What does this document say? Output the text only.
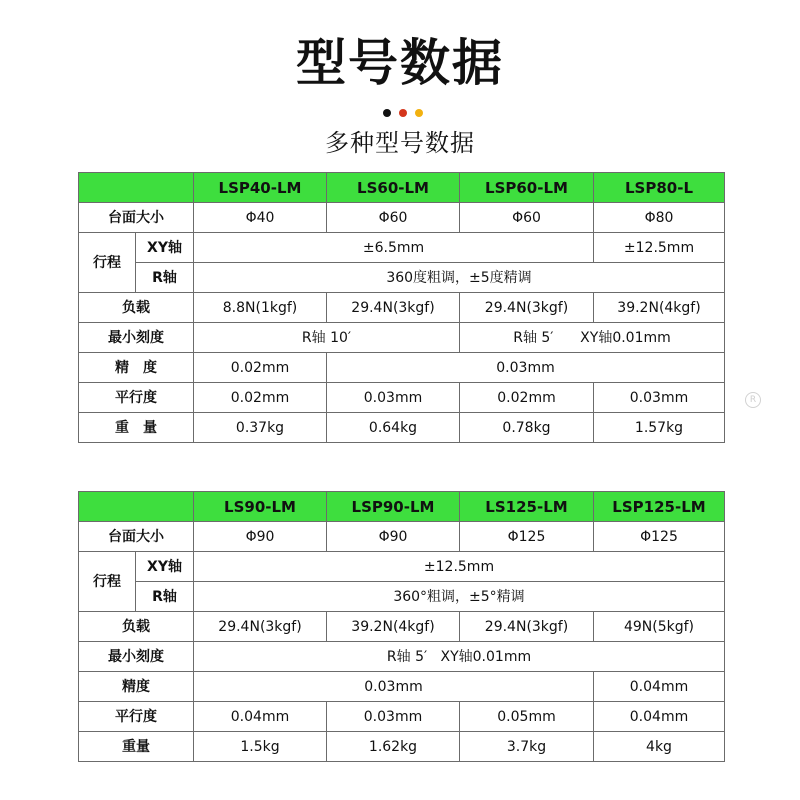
型号数据
多种型号数据
		LSP40-LM	LS60-LM	LSP60-LM	LSP80-L
台面大小		Φ40	Φ60	Φ60	Φ80
行程	XY轴	±6.5mm			±12.5mm
	R轴	360度粗调，±5度精调			
负载		8.8N(1kgf)	29.4N(3kgf)	29.4N(3kgf)	39.2N(4kgf)
最小刻度		R轴 10′		R轴 5′      XY轴0.01mm	
精　度		0.02mm	0.03mm		
平行度		0.02mm	0.03mm	0.02mm	0.03mm
重　量		0.37kg	0.64kg	0.78kg	1.57kg
		LS90-LM	LSP90-LM	LS125-LM	LSP125-LM
台面大小		Φ90	Φ90	Φ125	Φ125
行程	XY轴	±12.5mm			
	R轴	360°粗调，±5°精调			
负载		29.4N(3kgf)	39.2N(4kgf)	29.4N(3kgf)	49N(5kgf)
最小刻度		R轴 5′   XY轴0.01mm			
精度		0.03mm			0.04mm
平行度		0.04mm	0.03mm	0.05mm	0.04mm
重量		1.5kg	1.62kg	3.7kg	4kg
R
